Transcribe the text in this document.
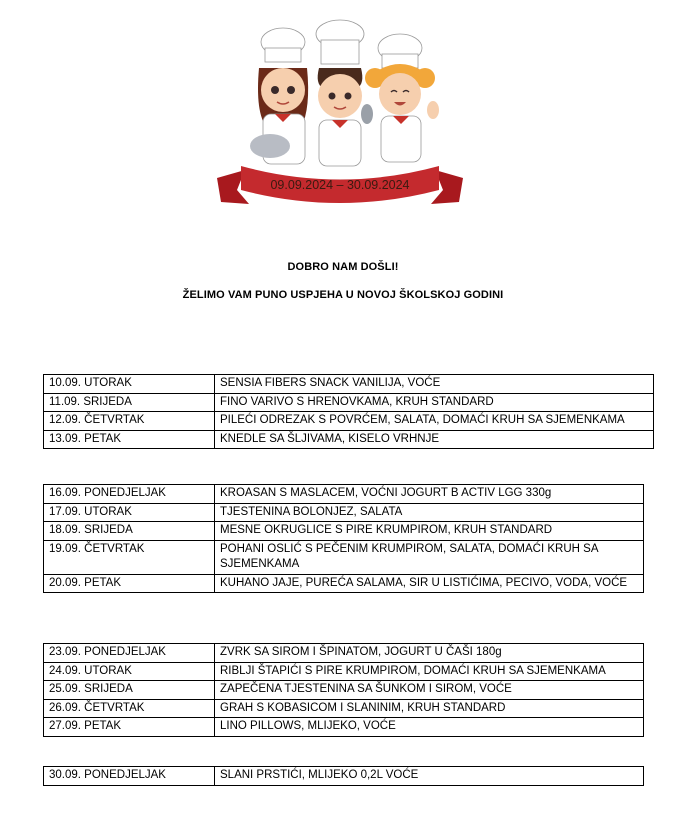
09.09.2024 – 30.09.2024
DOBRO NAM DOŠLI!
ŽELIMO VAM PUNO USPJEHA U NOVOJ ŠKOLSKOJ GODINI
10.09. UTORAK	SENSIA FIBERS SNACK VANILIJA, VOĆE
11.09. SRIJEDA	FINO VARIVO S HRENOVKAMA, KRUH STANDARD
12.09. ČETVRTAK	PILEĆI ODREZAK S POVRĆEM, SALATA, DOMAĆI KRUH SA SJEMENKAMA
13.09. PETAK	KNEDLE SA ŠLJIVAMA, KISELO VRHNJE
16.09. PONEDJELJAK	KROASAN S MASLACEM, VOĆNI JOGURT B ACTIV LGG 330g
17.09. UTORAK	TJESTENINA BOLONJEZ, SALATA
18.09. SRIJEDA	MESNE OKRUGLICE S PIRE KRUMPIROM, KRUH STANDARD
19.09. ČETVRTAK	POHANI OSLIĆ S PEČENIM KRUMPIROM, SALATA, DOMAĆI KRUH SA SJEMENKAMA
20.09. PETAK	KUHANO JAJE, PUREĆA SALAMA, SIR U LISTIĆIMA, PECIVO, VODA, VOĆE
23.09. PONEDJELJAK	ZVRK SA SIROM I ŠPINATOM, JOGURT U ČAŠI 180g
24.09. UTORAK	RIBLJI ŠTAPIĆI S PIRE KRUMPIROM, DOMAĆI KRUH SA SJEMENKAMA
25.09. SRIJEDA	ZAPEČENA TJESTENINA SA ŠUNKOM I SIROM, VOĆE
26.09. ČETVRTAK	GRAH S KOBASICOM I SLANINIM, KRUH STANDARD
27.09. PETAK	LINO PILLOWS, MLIJEKO, VOĆE
30.09. PONEDJELJAK	SLANI PRSTIĆI, MLIJEKO 0,2L VOĆE
